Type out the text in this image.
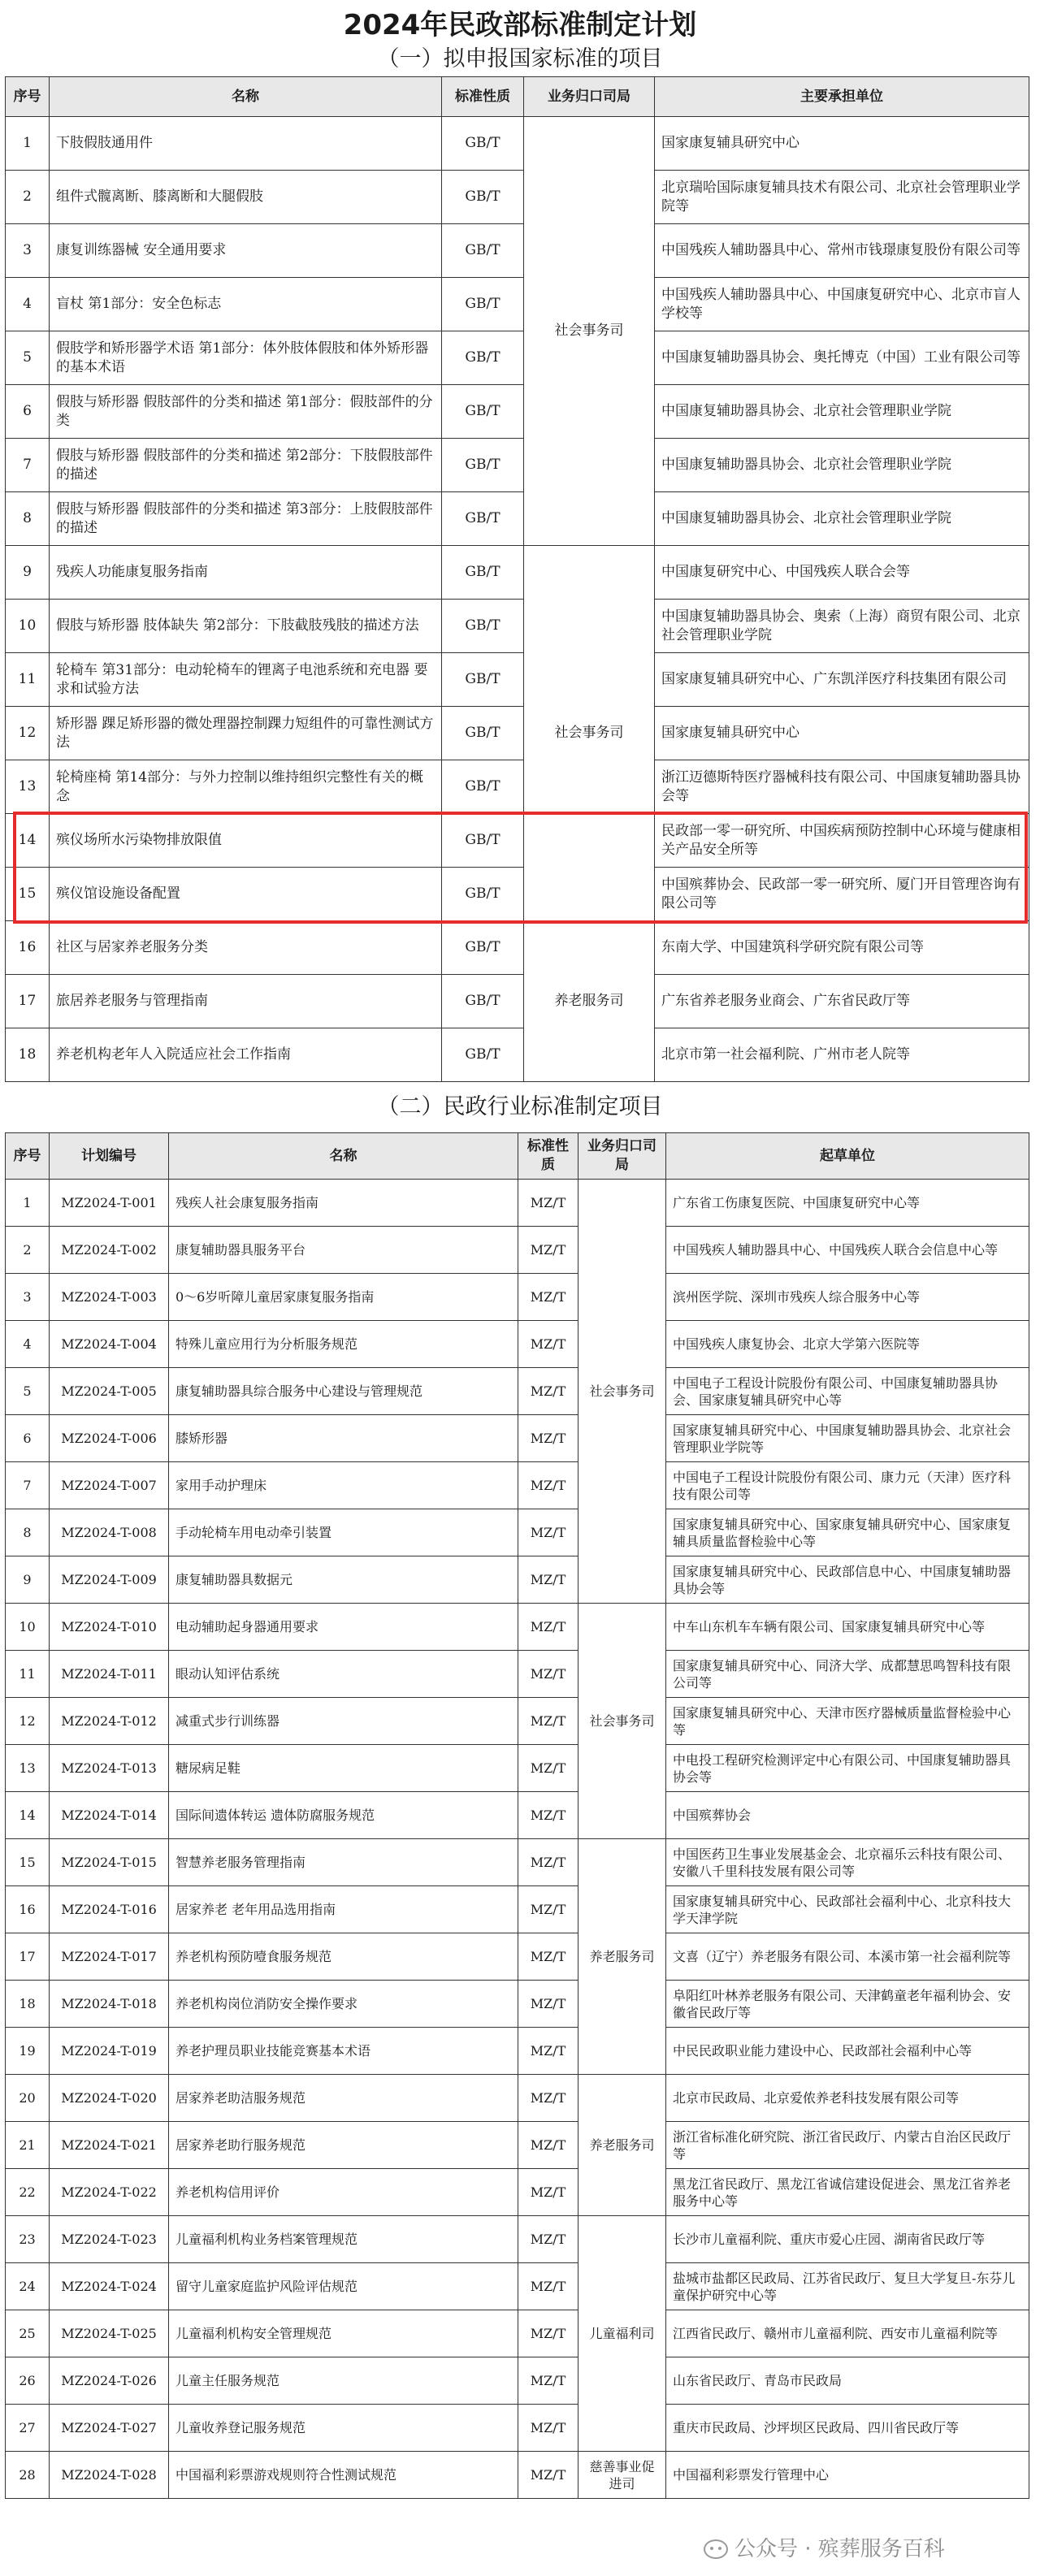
2024年民政部标准制定计划
（一）拟申报国家标准的项目
序号	名称	标准性质	业务归口司局	主要承担单位
1	下肢假肢通用件	GB/T	社会事务司	国家康复辅具研究中心
2	组件式髋离断、膝离断和大腿假肢	GB/T		北京瑞哈国际康复辅具技术有限公司、北京社会管理职业学院等
3	康复训练器械 安全通用要求	GB/T		中国残疾人辅助器具中心、常州市钱璟康复股份有限公司等
4	盲杖 第1部分：安全色标志	GB/T		中国残疾人辅助器具中心、中国康复研究中心、北京市盲人学校等
5	假肢学和矫形器学术语 第1部分：体外肢体假肢和体外矫形器的基本术语	GB/T		中国康复辅助器具协会、奥托博克（中国）工业有限公司等
6	假肢与矫形器 假肢部件的分类和描述 第1部分：假肢部件的分类	GB/T		中国康复辅助器具协会、北京社会管理职业学院
7	假肢与矫形器 假肢部件的分类和描述 第2部分：下肢假肢部件的描述	GB/T		中国康复辅助器具协会、北京社会管理职业学院
8	假肢与矫形器 假肢部件的分类和描述 第3部分：上肢假肢部件的描述	GB/T		中国康复辅助器具协会、北京社会管理职业学院
9	残疾人功能康复服务指南	GB/T	社会事务司	中国康复研究中心、中国残疾人联合会等
10	假肢与矫形器 肢体缺失 第2部分：下肢截肢残肢的描述方法	GB/T		中国康复辅助器具协会、奥索（上海）商贸有限公司、北京社会管理职业学院
11	轮椅车 第31部分：电动轮椅车的锂离子电池系统和充电器 要求和试验方法	GB/T		国家康复辅具研究中心、广东凯洋医疗科技集团有限公司
12	矫形器 踝足矫形器的微处理器控制踝力短组件的可靠性测试方法	GB/T		国家康复辅具研究中心
13	轮椅座椅 第14部分：与外力控制以维持组织完整性有关的概念	GB/T		浙江迈德斯特医疗器械科技有限公司、中国康复辅助器具协会等
14	殡仪场所水污染物排放限值	GB/T		民政部一零一研究所、中国疾病预防控制中心环境与健康相关产品安全所等
15	殡仪馆设施设备配置	GB/T		中国殡葬协会、民政部一零一研究所、厦门开目管理咨询有限公司等
16	社区与居家养老服务分类	GB/T	养老服务司	东南大学、中国建筑科学研究院有限公司等
17	旅居养老服务与管理指南	GB/T		广东省养老服务业商会、广东省民政厅等
18	养老机构老年人入院适应社会工作指南	GB/T		北京市第一社会福利院、广州市老人院等
（二）民政行业标准制定项目
序号	计划编号	名称	标准性质	业务归口司局	起草单位
1	MZ2024-T-001	残疾人社会康复服务指南	MZ/T	社会事务司	广东省工伤康复医院、中国康复研究中心等
2	MZ2024-T-002	康复辅助器具服务平台	MZ/T		中国残疾人辅助器具中心、中国残疾人联合会信息中心等
3	MZ2024-T-003	0～6岁听障儿童居家康复服务指南	MZ/T		滨州医学院、深圳市残疾人综合服务中心等
4	MZ2024-T-004	特殊儿童应用行为分析服务规范	MZ/T		中国残疾人康复协会、北京大学第六医院等
5	MZ2024-T-005	康复辅助器具综合服务中心建设与管理规范	MZ/T		中国电子工程设计院股份有限公司、中国康复辅助器具协会、国家康复辅具研究中心等
6	MZ2024-T-006	膝矫形器	MZ/T		国家康复辅具研究中心、中国康复辅助器具协会、北京社会管理职业学院等
7	MZ2024-T-007	家用手动护理床	MZ/T		中国电子工程设计院股份有限公司、康力元（天津）医疗科技有限公司等
8	MZ2024-T-008	手动轮椅车用电动牵引装置	MZ/T		国家康复辅具研究中心、国家康复辅具研究中心、国家康复辅具质量监督检验中心等
9	MZ2024-T-009	康复辅助器具数据元	MZ/T		国家康复辅具研究中心、民政部信息中心、中国康复辅助器具协会等
10	MZ2024-T-010	电动辅助起身器通用要求	MZ/T	社会事务司	中车山东机车车辆有限公司、国家康复辅具研究中心等
11	MZ2024-T-011	眼动认知评估系统	MZ/T		国家康复辅具研究中心、同济大学、成都慧思鸣智科技有限公司等
12	MZ2024-T-012	减重式步行训练器	MZ/T		国家康复辅具研究中心、天津市医疗器械质量监督检验中心等
13	MZ2024-T-013	糖尿病足鞋	MZ/T		中电投工程研究检测评定中心有限公司、中国康复辅助器具协会等
14	MZ2024-T-014	国际间遗体转运 遗体防腐服务规范	MZ/T		中国殡葬协会
15	MZ2024-T-015	智慧养老服务管理指南	MZ/T	养老服务司	中国医药卫生事业发展基金会、北京福乐云科技有限公司、安徽八千里科技发展有限公司等
16	MZ2024-T-016	居家养老 老年用品选用指南	MZ/T		国家康复辅具研究中心、民政部社会福利中心、北京科技大学天津学院
17	MZ2024-T-017	养老机构预防噎食服务规范	MZ/T		文喜（辽宁）养老服务有限公司、本溪市第一社会福利院等
18	MZ2024-T-018	养老机构岗位消防安全操作要求	MZ/T		阜阳红叶林养老服务有限公司、天津鹤童老年福利协会、安徽省民政厅等
19	MZ2024-T-019	养老护理员职业技能竞赛基本术语	MZ/T		中民民政职业能力建设中心、民政部社会福利中心等
20	MZ2024-T-020	居家养老助洁服务规范	MZ/T	养老服务司	北京市民政局、北京爱侬养老科技发展有限公司等
21	MZ2024-T-021	居家养老助行服务规范	MZ/T		浙江省标准化研究院、浙江省民政厅、内蒙古自治区民政厅等
22	MZ2024-T-022	养老机构信用评价	MZ/T		黑龙江省民政厅、黑龙江省诚信建设促进会、黑龙江省养老服务中心等
23	MZ2024-T-023	儿童福利机构业务档案管理规范	MZ/T	儿童福利司	长沙市儿童福利院、重庆市爱心庄园、湖南省民政厅等
24	MZ2024-T-024	留守儿童家庭监护风险评估规范	MZ/T		盐城市盐都区民政局、江苏省民政厅、复旦大学复旦-东芬儿童保护研究中心等
25	MZ2024-T-025	儿童福利机构安全管理规范	MZ/T		江西省民政厅、赣州市儿童福利院、西安市儿童福利院等
26	MZ2024-T-026	儿童主任服务规范	MZ/T		山东省民政厅、青岛市民政局
27	MZ2024-T-027	儿童收养登记服务规范	MZ/T		重庆市民政局、沙坪坝区民政局、四川省民政厅等
28	MZ2024-T-028	中国福利彩票游戏规则符合性测试规范	MZ/T	慈善事业促进司	中国福利彩票发行管理中心
公众号 · 殡葬服务百科
